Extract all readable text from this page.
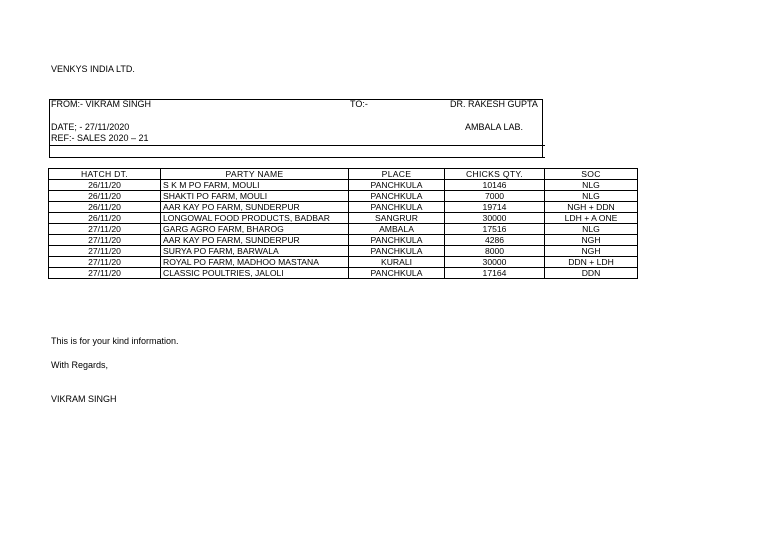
VENKYS INDIA LTD.
FROM:- VIKRAM SINGH	TO:-	DR. RAKESH GUPTA
DATE; - 27/11/2020	AMBALA LAB.
REF:- SALES 2020 – 21
HATCH DT.	PARTY NAME	PLACE	CHICKS QTY.	SOC
26/11/20	S K M PO FARM, MOULI	PANCHKULA	10146	NLG
26/11/20	SHAKTI PO FARM, MOULI	PANCHKULA	7000	NLG
26/11/20	AAR KAY PO FARM, SUNDERPUR	PANCHKULA	19714	NGH + DDN
26/11/20	LONGOWAL FOOD PRODUCTS, BADBAR	SANGRUR	30000	LDH + A ONE
27/11/20	GARG AGRO FARM, BHAROG	AMBALA	17516	NLG
27/11/20	AAR KAY PO FARM, SUNDERPUR	PANCHKULA	4286	NGH
27/11/20	SURYA PO FARM, BARWALA	PANCHKULA	8000	NGH
27/11/20	ROYAL PO FARM, MADHOO MASTANA	KURALI	30000	DDN + LDH
27/11/20	CLASSIC POULTRIES, JALOLI	PANCHKULA	17164	DDN
This is for your kind information.
With Regards,
VIKRAM SINGH
